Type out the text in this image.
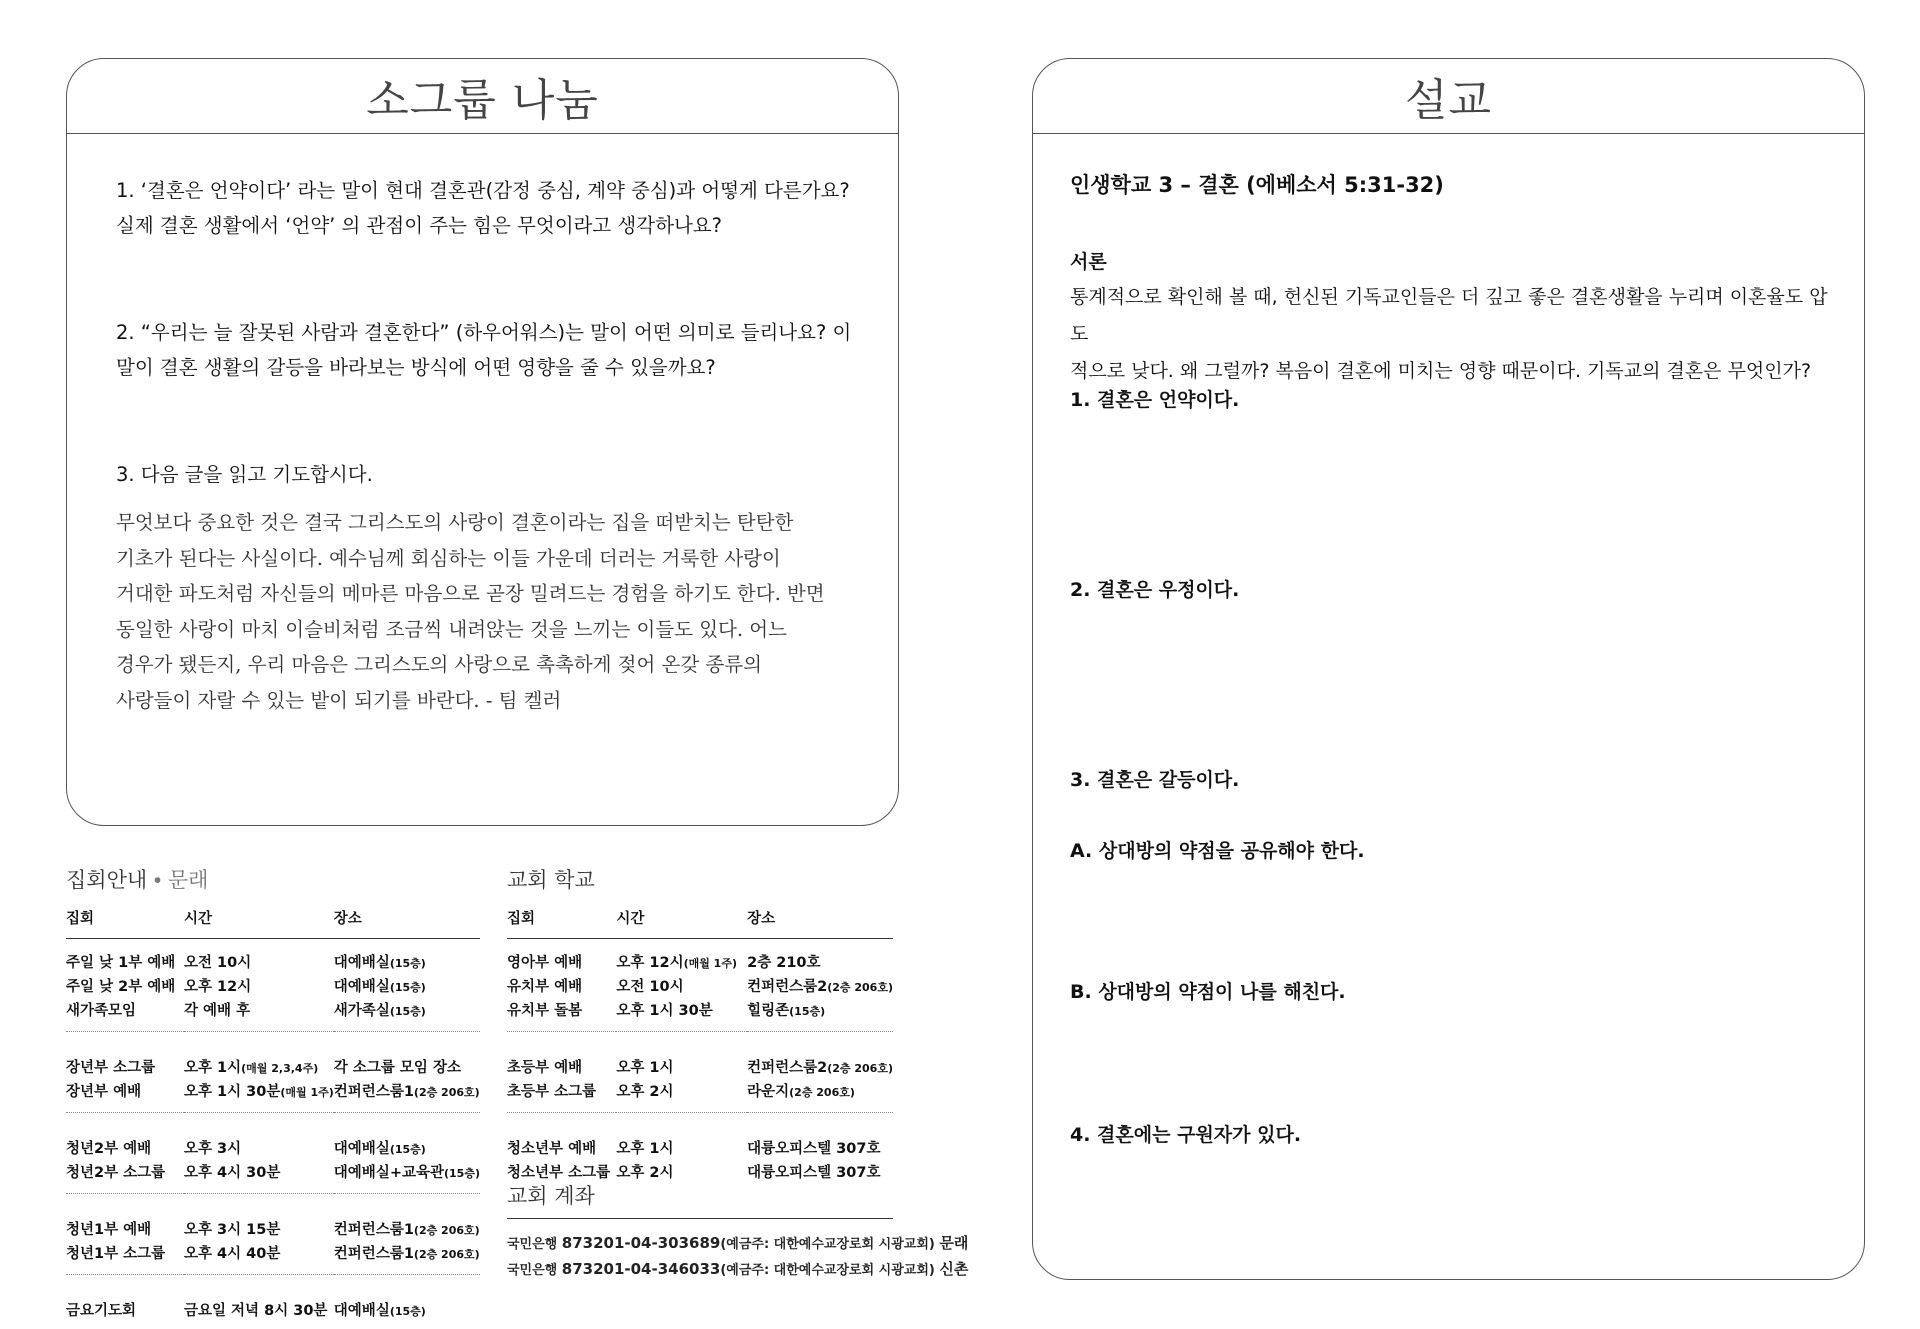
소그룹 나눔
1. ‘결혼은 언약이다’ 라는 말이 현대 결혼관(감정 중심, 계약 중심)과 어떻게 다른가요?
실제 결혼 생활에서 ‘언약’ 의 관점이 주는 힘은 무엇이라고 생각하나요?
2. “우리는 늘 잘못된 사람과 결혼한다” (하우어워스)는 말이 어떤 의미로 들리나요? 이
말이 결혼 생활의 갈등을 바라보는 방식에 어떤 영향을 줄 수 있을까요?
3. 다음 글을 읽고 기도합시다.
무엇보다 중요한 것은 결국 그리스도의 사랑이 결혼이라는 집을 떠받치는 탄탄한
기초가 된다는 사실이다. 예수님께 회심하는 이들 가운데 더러는 거룩한 사랑이
거대한 파도처럼 자신들의 메마른 마음으로 곧장 밀려드는 경험을 하기도 한다. 반면
동일한 사랑이 마치 이슬비처럼 조금씩 내려앉는 것을 느끼는 이들도 있다. 어느
경우가 됐든지, 우리 마음은 그리스도의 사랑으로 촉촉하게 젖어 온갖 종류의
사랑들이 자랄 수 있는 밭이 되기를 바란다. - 팀 켈러
설교
인생학교 3 – 결혼 (에베소서 5:31-32)
서론
통계적으로 확인해 볼 때, 헌신된 기독교인들은 더 깊고 좋은 결혼생활을 누리며 이혼율도 압도
적으로 낮다. 왜 그럴까? 복음이 결혼에 미치는 영향 때문이다. 기독교의 결혼은 무엇인가?
1. 결혼은 언약이다.
2. 결혼은 우정이다.
3. 결혼은 갈등이다.
A. 상대방의 약점을 공유해야 한다.
B. 상대방의 약점이 나를 해친다.
4. 결혼에는 구원자가 있다.
집회안내 • 문래
집회	시간	장소

주일 낮 1부 예배	오전 10시	대예배실(15층)
주일 낮 2부 예배	오후 12시	대예배실(15층)
새가족모임	각 예배 후	새가족실(15층)

장년부 소그룹	오후 1시(매월 2,3,4주)	각 소그룹 모임 장소
장년부 예배	오후 1시 30분(매월 1주)	컨퍼런스룸1(2층 206호)

청년2부 예배	오후 3시	대예배실(15층)
청년2부 소그룹	오후 4시 30분	대예배실+교육관(15층)

청년1부 예배	오후 3시 15분	컨퍼런스룸1(2층 206호)
청년1부 소그룹	오후 4시 40분	컨퍼런스룸1(2층 206호)

금요기도회	금요일 저녁 8시 30분	대예배실(15층)
교회 학교
집회	시간	장소

영아부 예배	오후 12시(매월 1주)	2층 210호
유치부 예배	오전 10시	컨퍼런스룸2(2층 206호)
유치부 돌봄	오후 1시 30분	힐링존(15층)

초등부 예배	오후 1시	컨퍼런스룸2(2층 206호)
초등부 소그룹	오후 2시	라운지(2층 206호)

청소년부 예배	오후 1시	대륭오피스텔 307호
청소년부 소그룹	오후 2시	대륭오피스텔 307호
교회 계좌
국민은행 873201-04-303689(예금주: 대한예수교장로회 시광교회) 문래
국민은행 873201-04-346033(예금주: 대한예수교장로회 시광교회) 신촌
